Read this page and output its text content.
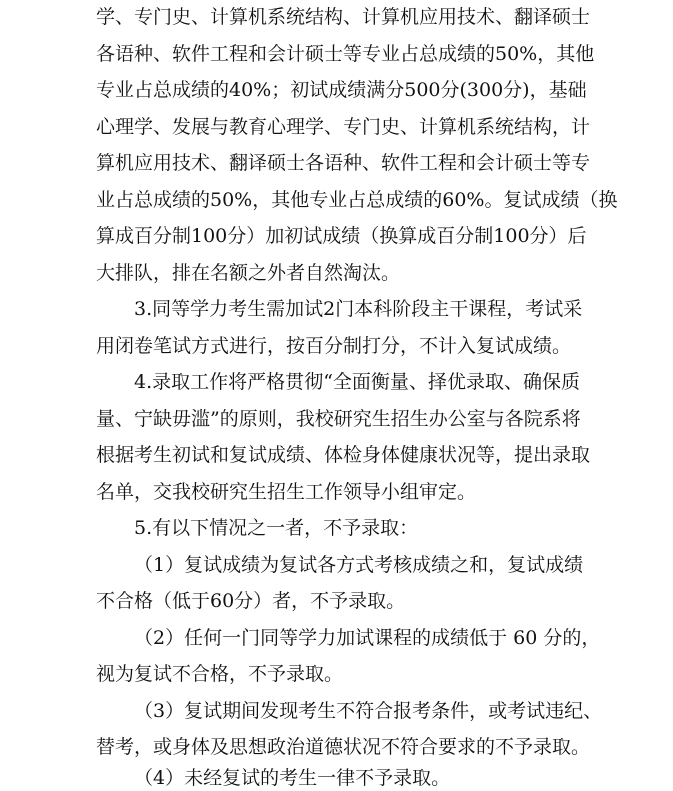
学、专门史、计算机系统结构、计算机应用技术、翻译硕士
各语种、软件工程和会计硕士等专业占总成绩的50%，其他
专业占总成绩的40%；初试成绩满分500分(300分)，基础
心理学、发展与教育心理学、专门史、计算机系统结构，计
算机应用技术、翻译硕士各语种、软件工程和会计硕士等专
业占总成绩的50%，其他专业占总成绩的60%。复试成绩（换
算成百分制100分）加初试成绩（换算成百分制100分）后
大排队，排在名额之外者自然淘汰。
3.同等学力考生需加试2门本科阶段主干课程，考试采
用闭卷笔试方式进行，按百分制打分，不计入复试成绩。
4.录取工作将严格贯彻“全面衡量、择优录取、确保质
量、宁缺毋滥”的原则，我校研究生招生办公室与各院系将
根据考生初试和复试成绩、体检身体健康状况等，提出录取
名单，交我校研究生招生工作领导小组审定。
5.有以下情况之一者，不予录取：
（1）复试成绩为复试各方式考核成绩之和，复试成绩
不合格（低于60分）者，不予录取。
（2）任何一门同等学力加试课程的成绩低于 60 分的，
视为复试不合格，不予录取。
（3）复试期间发现考生不符合报考条件，或考试违纪、
替考，或身体及思想政治道德状况不符合要求的不予录取。
（4）未经复试的考生一律不予录取。
